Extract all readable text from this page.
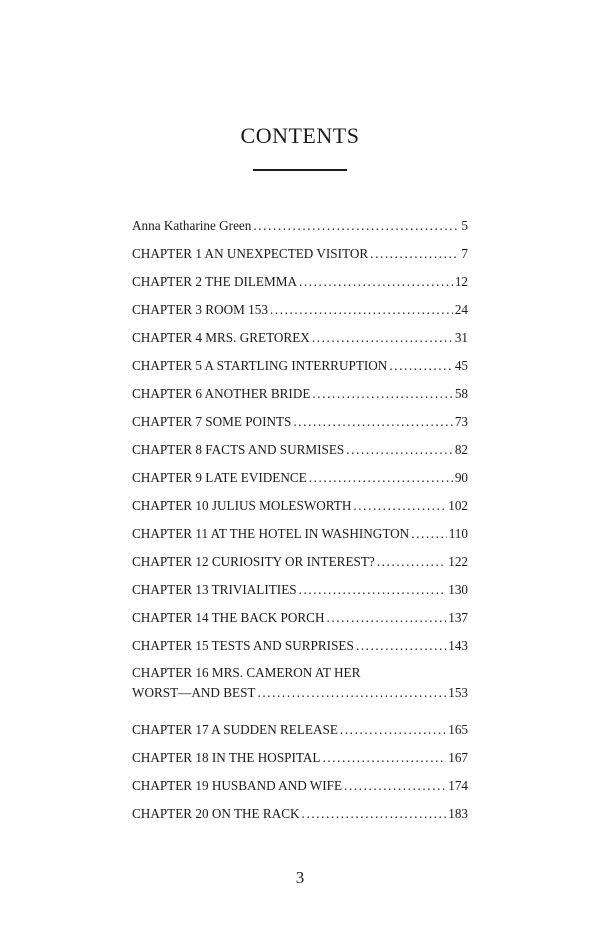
CONTENTS
Anna Katharine Green .....	5
CHAPTER 1 AN UNEXPECTED VISITOR .....	7
CHAPTER 2 THE DILEMMA .....	12
CHAPTER 3 ROOM 153 .....	24
CHAPTER 4 MRS. GRETOREX .....	31
CHAPTER 5 A STARTLING INTERRUPTION .....	45
CHAPTER 6 ANOTHER BRIDE .....	58
CHAPTER 7 SOME POINTS .....	73
CHAPTER 8 FACTS AND SURMISES .....	82
CHAPTER 9 LATE EVIDENCE .....	90
CHAPTER 10 JULIUS MOLESWORTH .....	102
CHAPTER 11 AT THE HOTEL IN WASHINGTON .....	110
CHAPTER 12 CURIOSITY OR INTEREST? .....	122
CHAPTER 13 TRIVIALITIES .....	130
CHAPTER 14 THE BACK PORCH .....	137
CHAPTER 15 TESTS AND SURPRISES .....	143
CHAPTER 16 MRS. CAMERON AT HER
WORST—AND BEST .....	153
CHAPTER 17 A SUDDEN RELEASE .....	165
CHAPTER 18 IN THE HOSPITAL .....	167
CHAPTER 19 HUSBAND AND WIFE .....	174
CHAPTER 20 ON THE RACK .....	183
3
